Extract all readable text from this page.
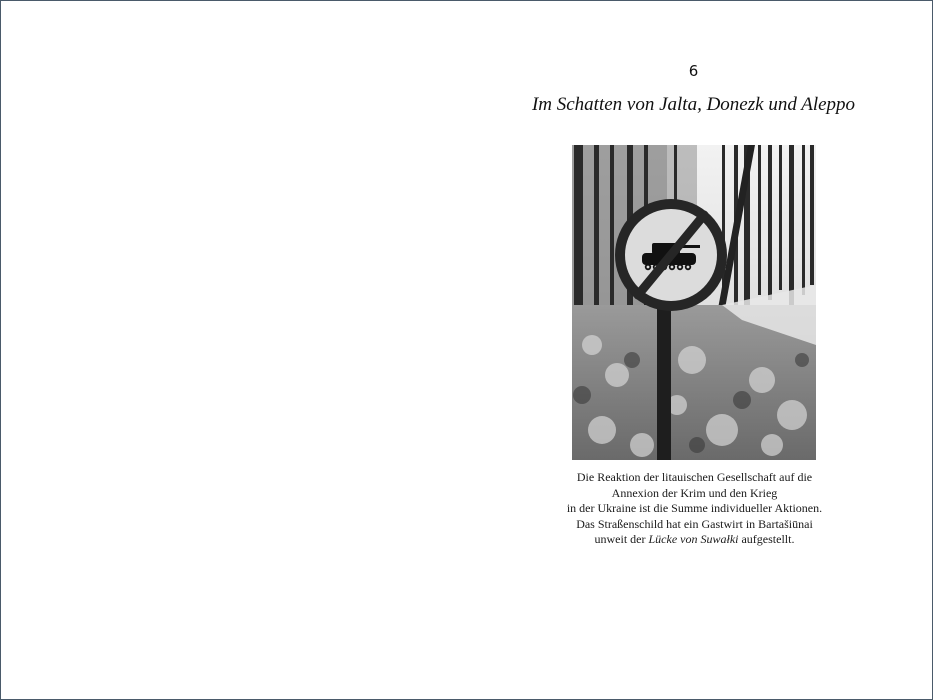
6
Im Schatten von Jalta, Donezk und Aleppo
Die Reaktion der litauischen Gesellschaft auf die
Annexion der Krim und den Krieg
in der Ukraine ist die Summe individueller Aktionen.
Das Straßenschild hat ein Gastwirt in Bartašiūnai
unweit der Lücke von Suwałki aufgestellt.
